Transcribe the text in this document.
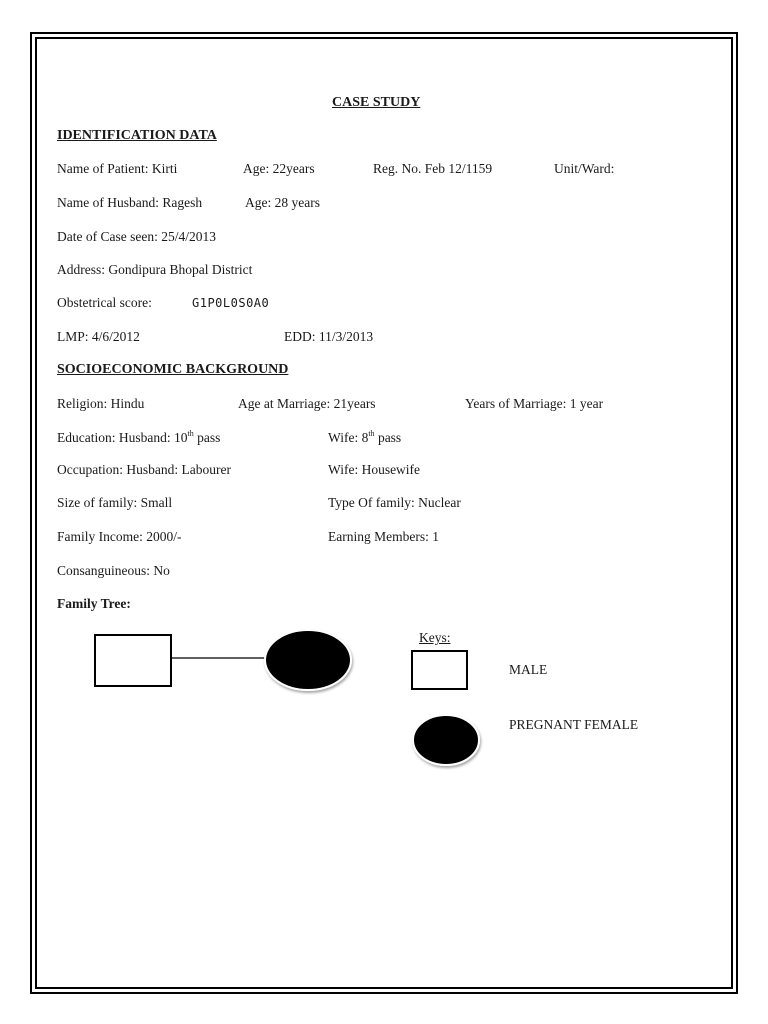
CASE STUDY
IDENTIFICATION DATA
Name of Patient: Kirti	Age: 22years	Reg. No. Feb 12/1159	Unit/Ward:
Name of Husband: Ragesh	Age: 28 years
Date of Case seen: 25/4/2013
Address: Gondipura Bhopal District
Obstetrical score:	G1P0L0S0A0
LMP: 4/6/2012	EDD: 11/3/2013
SOCIOECONOMIC BACKGROUND
Religion: Hindu	Age at Marriage: 21years	Years of Marriage: 1 year
Education: Husband: 10th pass	Wife: 8th pass
Occupation: Husband: Labourer	Wife: Housewife
Size of family: Small	Type Of family: Nuclear
Family Income: 2000/-	Earning Members: 1
Consanguineous: No
Family Tree:
Keys:
MALE
PREGNANT FEMALE
